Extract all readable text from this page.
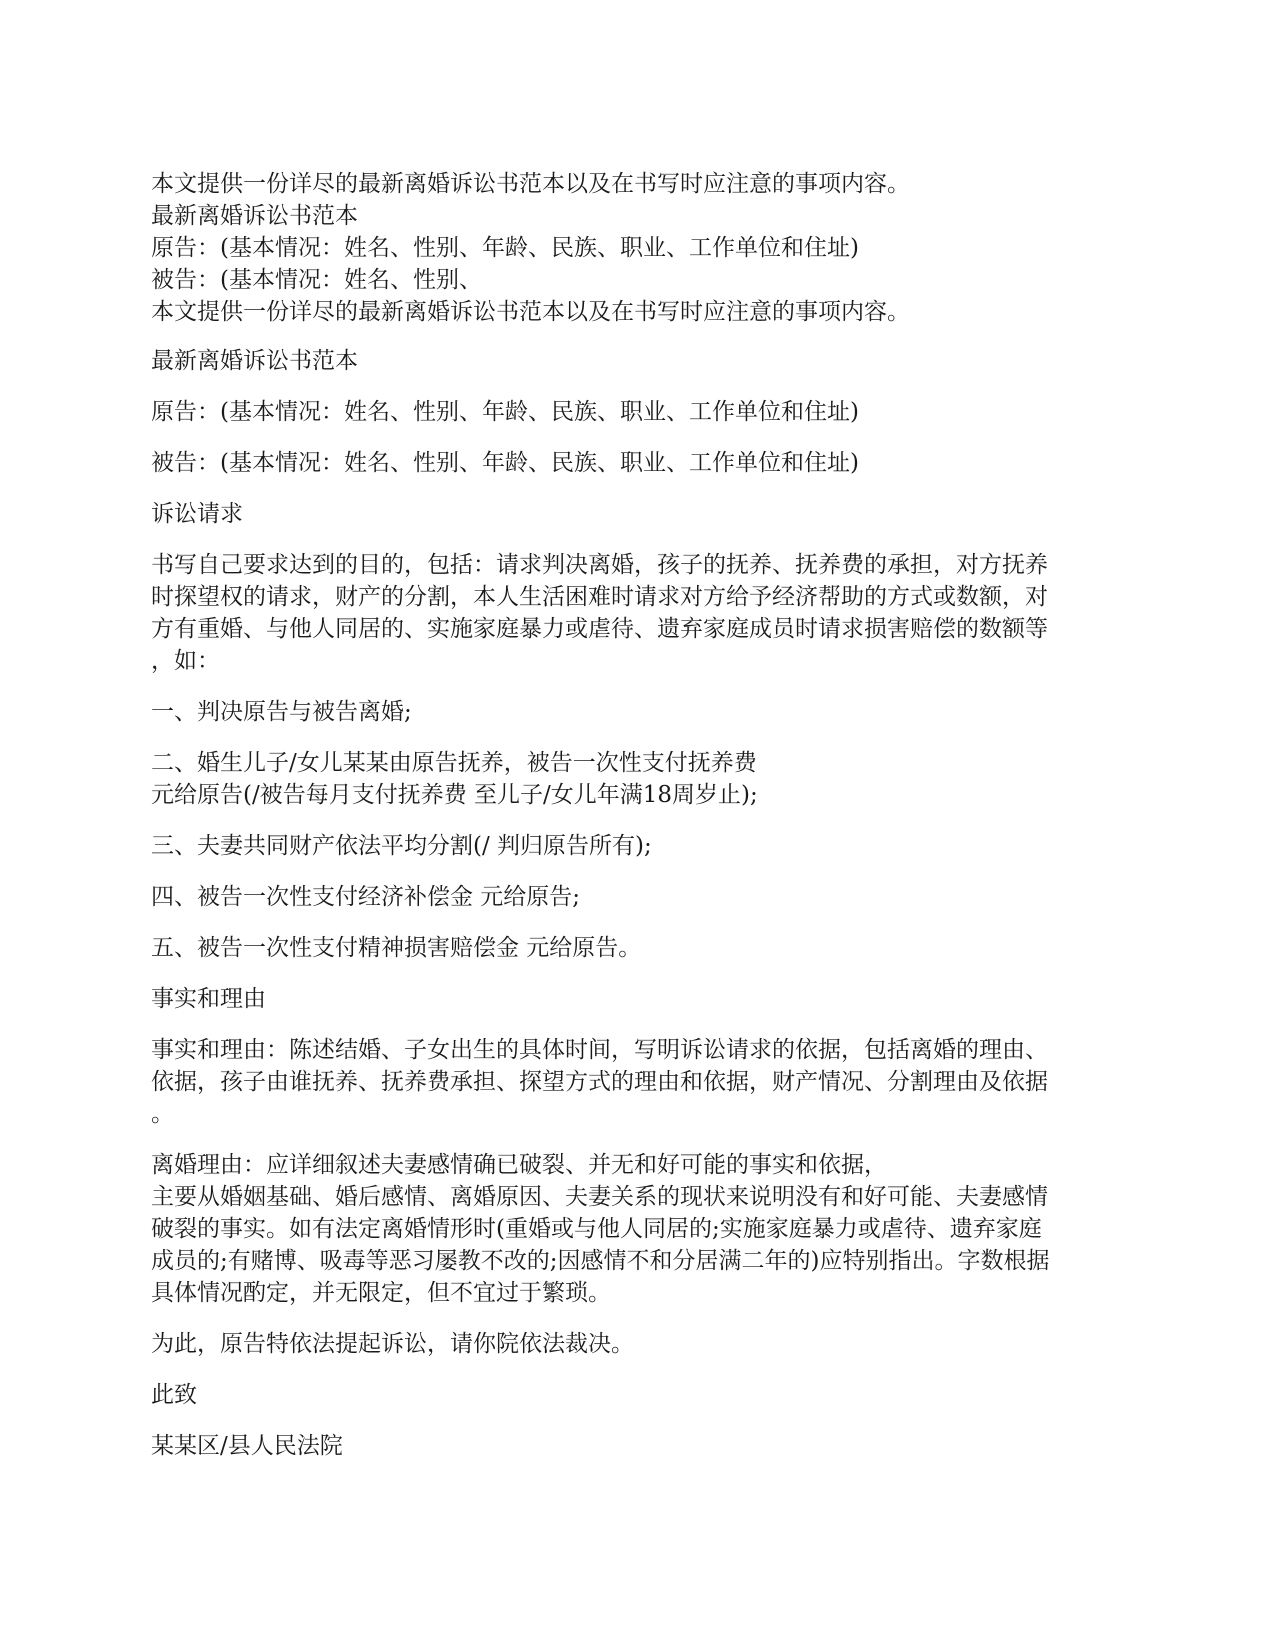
本文提供一份详尽的最新离婚诉讼书范本以及在书写时应注意的事项内容。
最新离婚诉讼书范本
原告：(基本情况：姓名、性别、年龄、民族、职业、工作单位和住址)
被告：(基本情况：姓名、性别、
本文提供一份详尽的最新离婚诉讼书范本以及在书写时应注意的事项内容。

最新离婚诉讼书范本

原告：(基本情况：姓名、性别、年龄、民族、职业、工作单位和住址)

被告：(基本情况：姓名、性别、年龄、民族、职业、工作单位和住址)

诉讼请求

书写自己要求达到的目的，包括：请求判决离婚，孩子的抚养、抚养费的承担，对方抚养
时探望权的请求，财产的分割，本人生活困难时请求对方给予经济帮助的方式或数额，对
方有重婚、与他人同居的、实施家庭暴力或虐待、遗弃家庭成员时请求损害赔偿的数额等
，如：

一、判决原告与被告离婚;

二、婚生儿子/女儿某某由原告抚养，被告一次性支付抚养费
元给原告(/被告每月支付抚养费 至儿子/女儿年满18周岁止);

三、夫妻共同财产依法平均分割(/ 判归原告所有);

四、被告一次性支付经济补偿金 元给原告;

五、被告一次性支付精神损害赔偿金 元给原告。

事实和理由

事实和理由：陈述结婚、子女出生的具体时间，写明诉讼请求的依据，包括离婚的理由、
依据，孩子由谁抚养、抚养费承担、探望方式的理由和依据，财产情况、分割理由及依据
。

离婚理由：应详细叙述夫妻感情确已破裂、并无和好可能的事实和依据，
主要从婚姻基础、婚后感情、离婚原因、夫妻关系的现状来说明没有和好可能、夫妻感情
破裂的事实。如有法定离婚情形时(重婚或与他人同居的;实施家庭暴力或虐待、遗弃家庭
成员的;有赌博、吸毒等恶习屡教不改的;因感情不和分居满二年的)应特别指出。字数根据
具体情况酌定，并无限定，但不宜过于繁琐。

为此，原告特依法提起诉讼，请你院依法裁决。

此致

某某区/县人民法院
